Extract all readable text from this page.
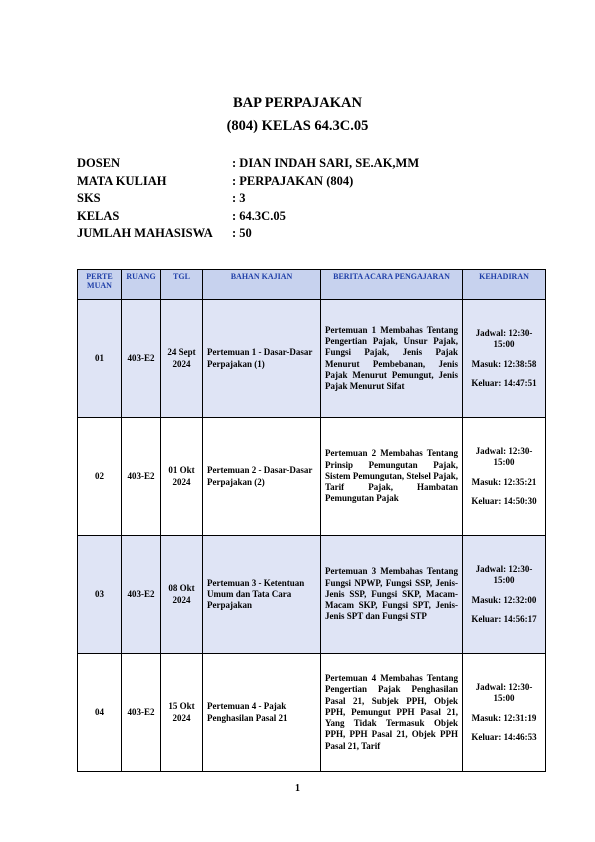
BAP PERPAJAKAN
(804) KELAS 64.3C.05
DOSEN	: DIAN INDAH SARI, SE.AK,MM
MATA KULIAH	: PERPAJAKAN (804)
SKS	: 3
KELAS	: 64.3C.05
JUMLAH MAHASISWA	: 50
PERTE MUAN	RUANG	TGL	BAHAN KAJIAN	BERITA ACARA PENGAJARAN	KEHADIRAN
01	403-E2	24 Sept 2024	Pertemuan 1 - Dasar-Dasar Perpajakan (1)	Pertemuan 1 Membahas Tentang Pengertian Pajak, Unsur Pajak, Fungsi Pajak, Jenis Pajak Menurut Pembebanan, Jenis Pajak Menurut Pemungut, Jenis Pajak Menurut Sifat	Jadwal: 12:30-15:00
Masuk: 12:38:58
Keluar: 14:47:51

02	403-E2	01 Okt 2024	Pertemuan 2 - Dasar-Dasar Perpajakan (2)	Pertemuan 2 Membahas Tentang Prinsip Pemungutan Pajak, Sistem Pemungutan, Stelsel Pajak, Tarif Pajak, Hambatan Pemungutan Pajak	Jadwal: 12:30-15:00
Masuk: 12:35:21
Keluar: 14:50:30

03	403-E2	08 Okt 2024	Pertemuan 3 - Ketentuan Umum dan Tata Cara Perpajakan	Pertemuan 3 Membahas Tentang Fungsi NPWP, Fungsi SSP, Jenis-Jenis SSP, Fungsi SKP, Macam-Macam SKP, Fungsi SPT, Jenis-Jenis SPT dan Fungsi STP	Jadwal: 12:30-15:00
Masuk: 12:32:00
Keluar: 14:56:17

04	403-E2	15 Okt 2024	Pertemuan 4 - Pajak Penghasilan Pasal 21	Pertemuan 4 Membahas Tentang Pengertian Pajak Penghasilan Pasal 21, Subjek PPH, Objek PPH, Pemungut PPH Pasal 21, Yang Tidak Termasuk Objek PPH, PPH Pasal 21, Objek PPH Pasal 21, Tarif	Jadwal: 12:30-15:00
Masuk: 12:31:19
Keluar: 14:46:53
1
